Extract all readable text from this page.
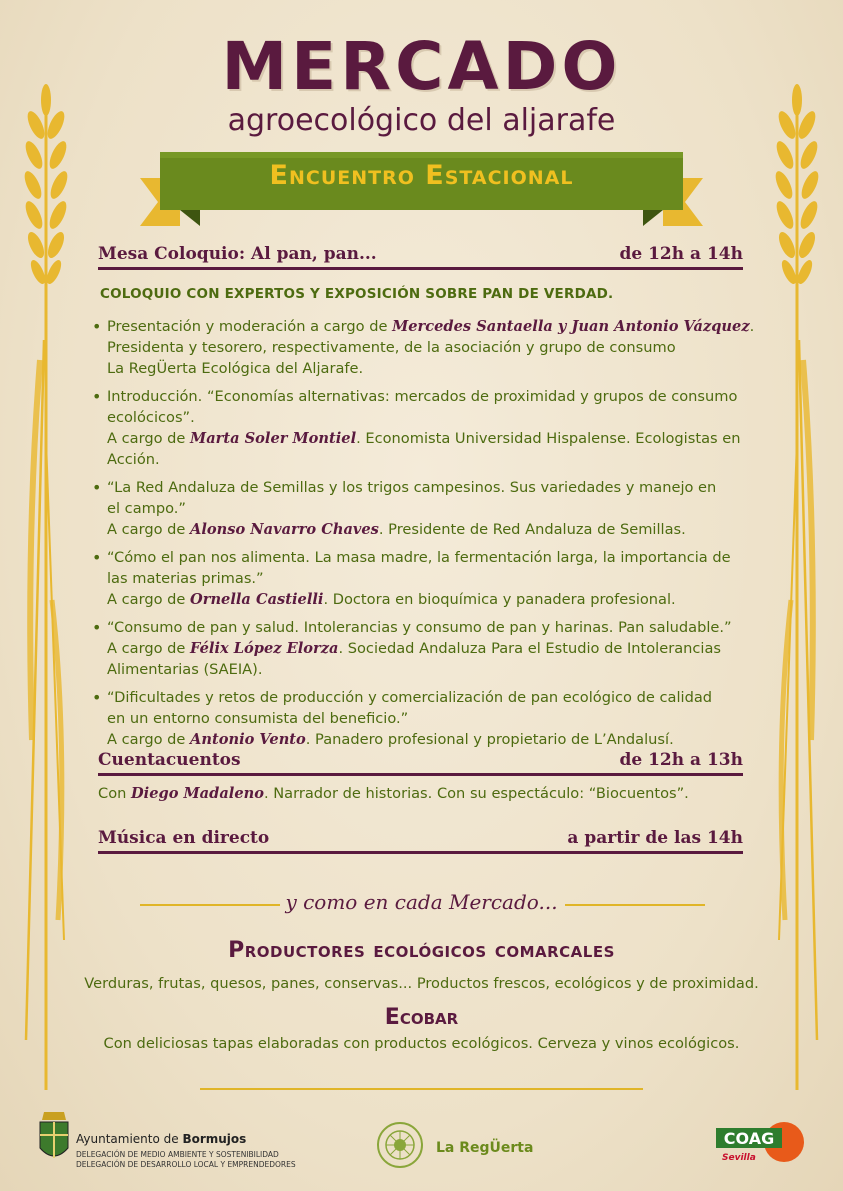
MERCADO
agroecológico del aljarafe
Encuentro Estacional
Mesa Coloquio: Al pan, pan...	de 12h a 14h
COLOQUIO CON EXPERTOS Y EXPOSICIÓN SOBRE PAN DE VERDAD.
• Presentación y moderación a cargo de Mercedes Santaella y Juan Antonio Vázquez.
Presidenta y tesorero, respectivamente, de la asociación y grupo de consumo
La RegÜerta Ecológica del Aljarafe.
• Introducción. “Economías alternativas: mercados de proximidad y grupos de consumo
ecolócicos”.
A cargo de Marta Soler Montiel. Economista Universidad Hispalense. Ecologistas en Acción.
• “La Red Andaluza de Semillas y los trigos campesinos. Sus variedades y manejo en
el campo.”
A cargo de Alonso Navarro Chaves. Presidente de Red Andaluza de Semillas.
• “Cómo el pan nos alimenta. La masa madre, la fermentación larga, la importancia de
las materias primas.”
A cargo de Ornella Castielli. Doctora en bioquímica y panadera profesional.
• “Consumo de pan y salud. Intolerancias y consumo de pan y harinas. Pan saludable.”
A cargo de Félix López Elorza. Sociedad Andaluza Para el Estudio de Intolerancias
Alimentarias (SAEIA).
• “Dificultades y retos de producción y comercialización de pan ecológico de calidad
en un entorno consumista del beneficio.”
A cargo de Antonio Vento. Panadero profesional y propietario de L’Andalusí.
Cuentacuentos	de 12h a 13h
Con Diego Madaleno. Narrador de historias. Con su espectáculo: “Biocuentos”.
Música en directo	a partir de las 14h
y como en cada Mercado...
Productores ecológicos comarcales
Verduras, frutas, quesos, panes, conservas... Productos frescos, ecológicos y de proximidad.
Ecobar
Con deliciosas tapas elaboradas con productos ecológicos. Cerveza y vinos ecológicos.
Ayuntamiento de Bormujos
DELEGACIÓN DE MEDIO AMBIENTE Y SOSTENIBILIDAD
DELEGACIÓN DE DESARROLLO LOCAL Y EMPRENDEDORES
La RegÜerta	COAG
Sevilla
